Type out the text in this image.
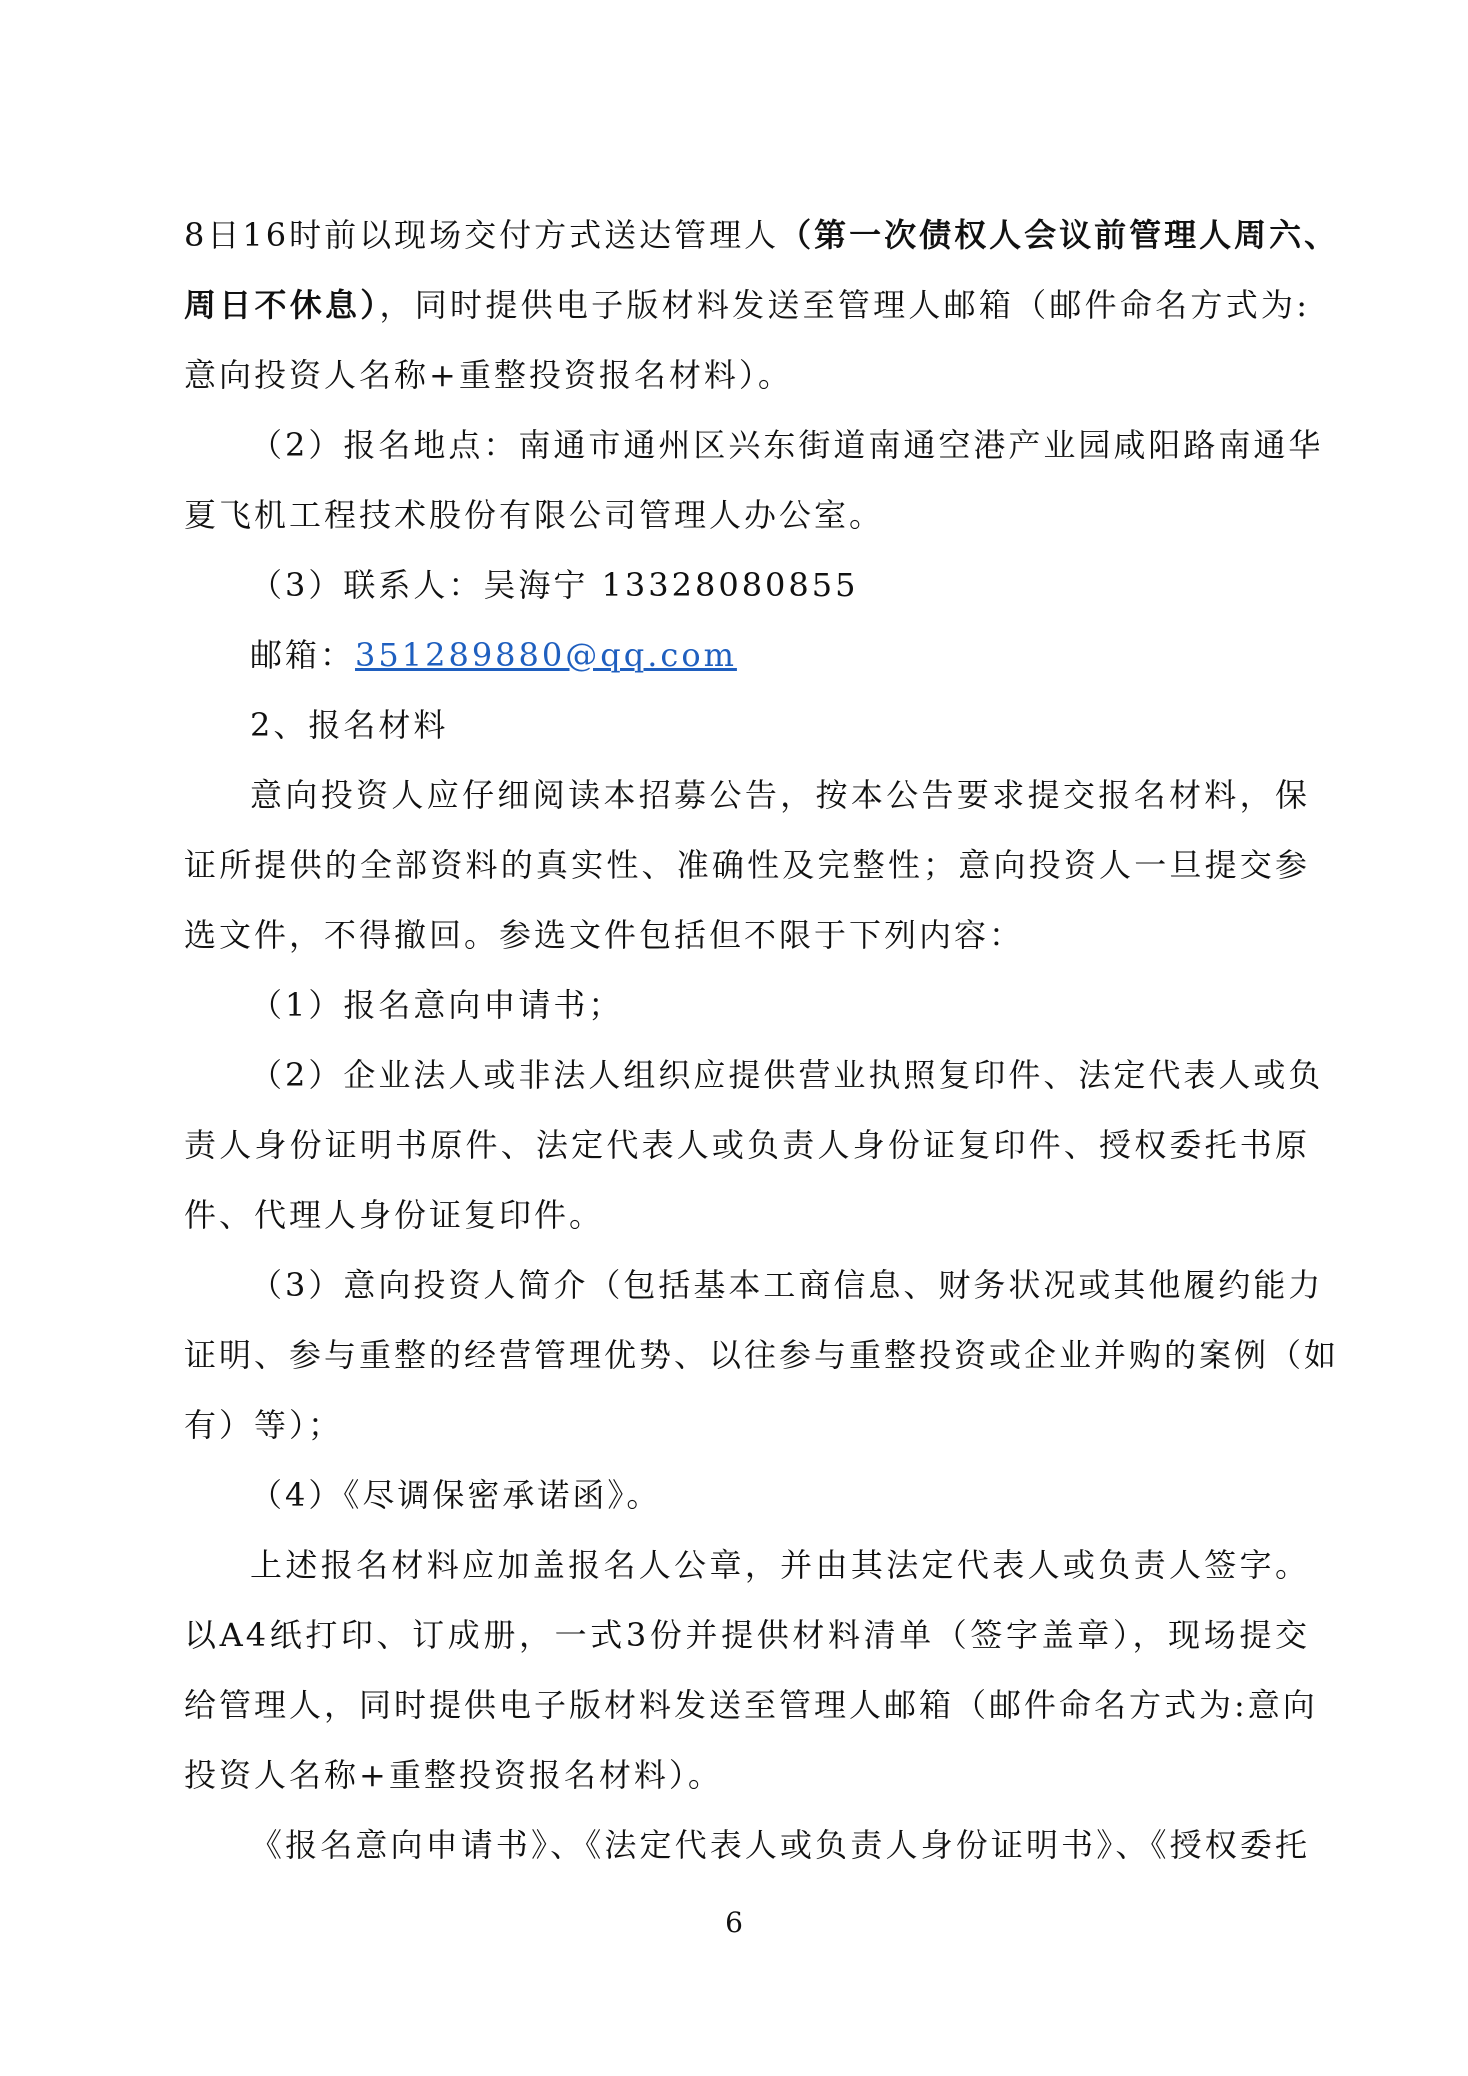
8日16时前以现场交付方式送达管理人（第一次债权人会议前管理人周六、
周日不休息），同时提供电子版材料发送至管理人邮箱（邮件命名方式为:
意向投资人名称+重整投资报名材料）。
（2）报名地点：南通市通州区兴东街道南通空港产业园咸阳路南通华
夏飞机工程技术股份有限公司管理人办公室。
（3）联系人：吴海宁 13328080855
邮箱：351289880@qq.com
2、报名材料
意向投资人应仔细阅读本招募公告，按本公告要求提交报名材料，保
证所提供的全部资料的真实性、准确性及完整性；意向投资人一旦提交参
选文件，不得撤回。参选文件包括但不限于下列内容：
（1）报名意向申请书；
（2）企业法人或非法人组织应提供营业执照复印件、法定代表人或负
责人身份证明书原件、法定代表人或负责人身份证复印件、授权委托书原
件、代理人身份证复印件。
（3）意向投资人简介（包括基本工商信息、财务状况或其他履约能力
证明、参与重整的经营管理优势、以往参与重整投资或企业并购的案例（如
有）等）；
（4）《尽调保密承诺函》。
上述报名材料应加盖报名人公章，并由其法定代表人或负责人签字。
以A4纸打印、订成册，一式3份并提供材料清单（签字盖章），现场提交
给管理人，同时提供电子版材料发送至管理人邮箱（邮件命名方式为:意向
投资人名称+重整投资报名材料）。
《报名意向申请书》、《法定代表人或负责人身份证明书》、《授权委托
6
